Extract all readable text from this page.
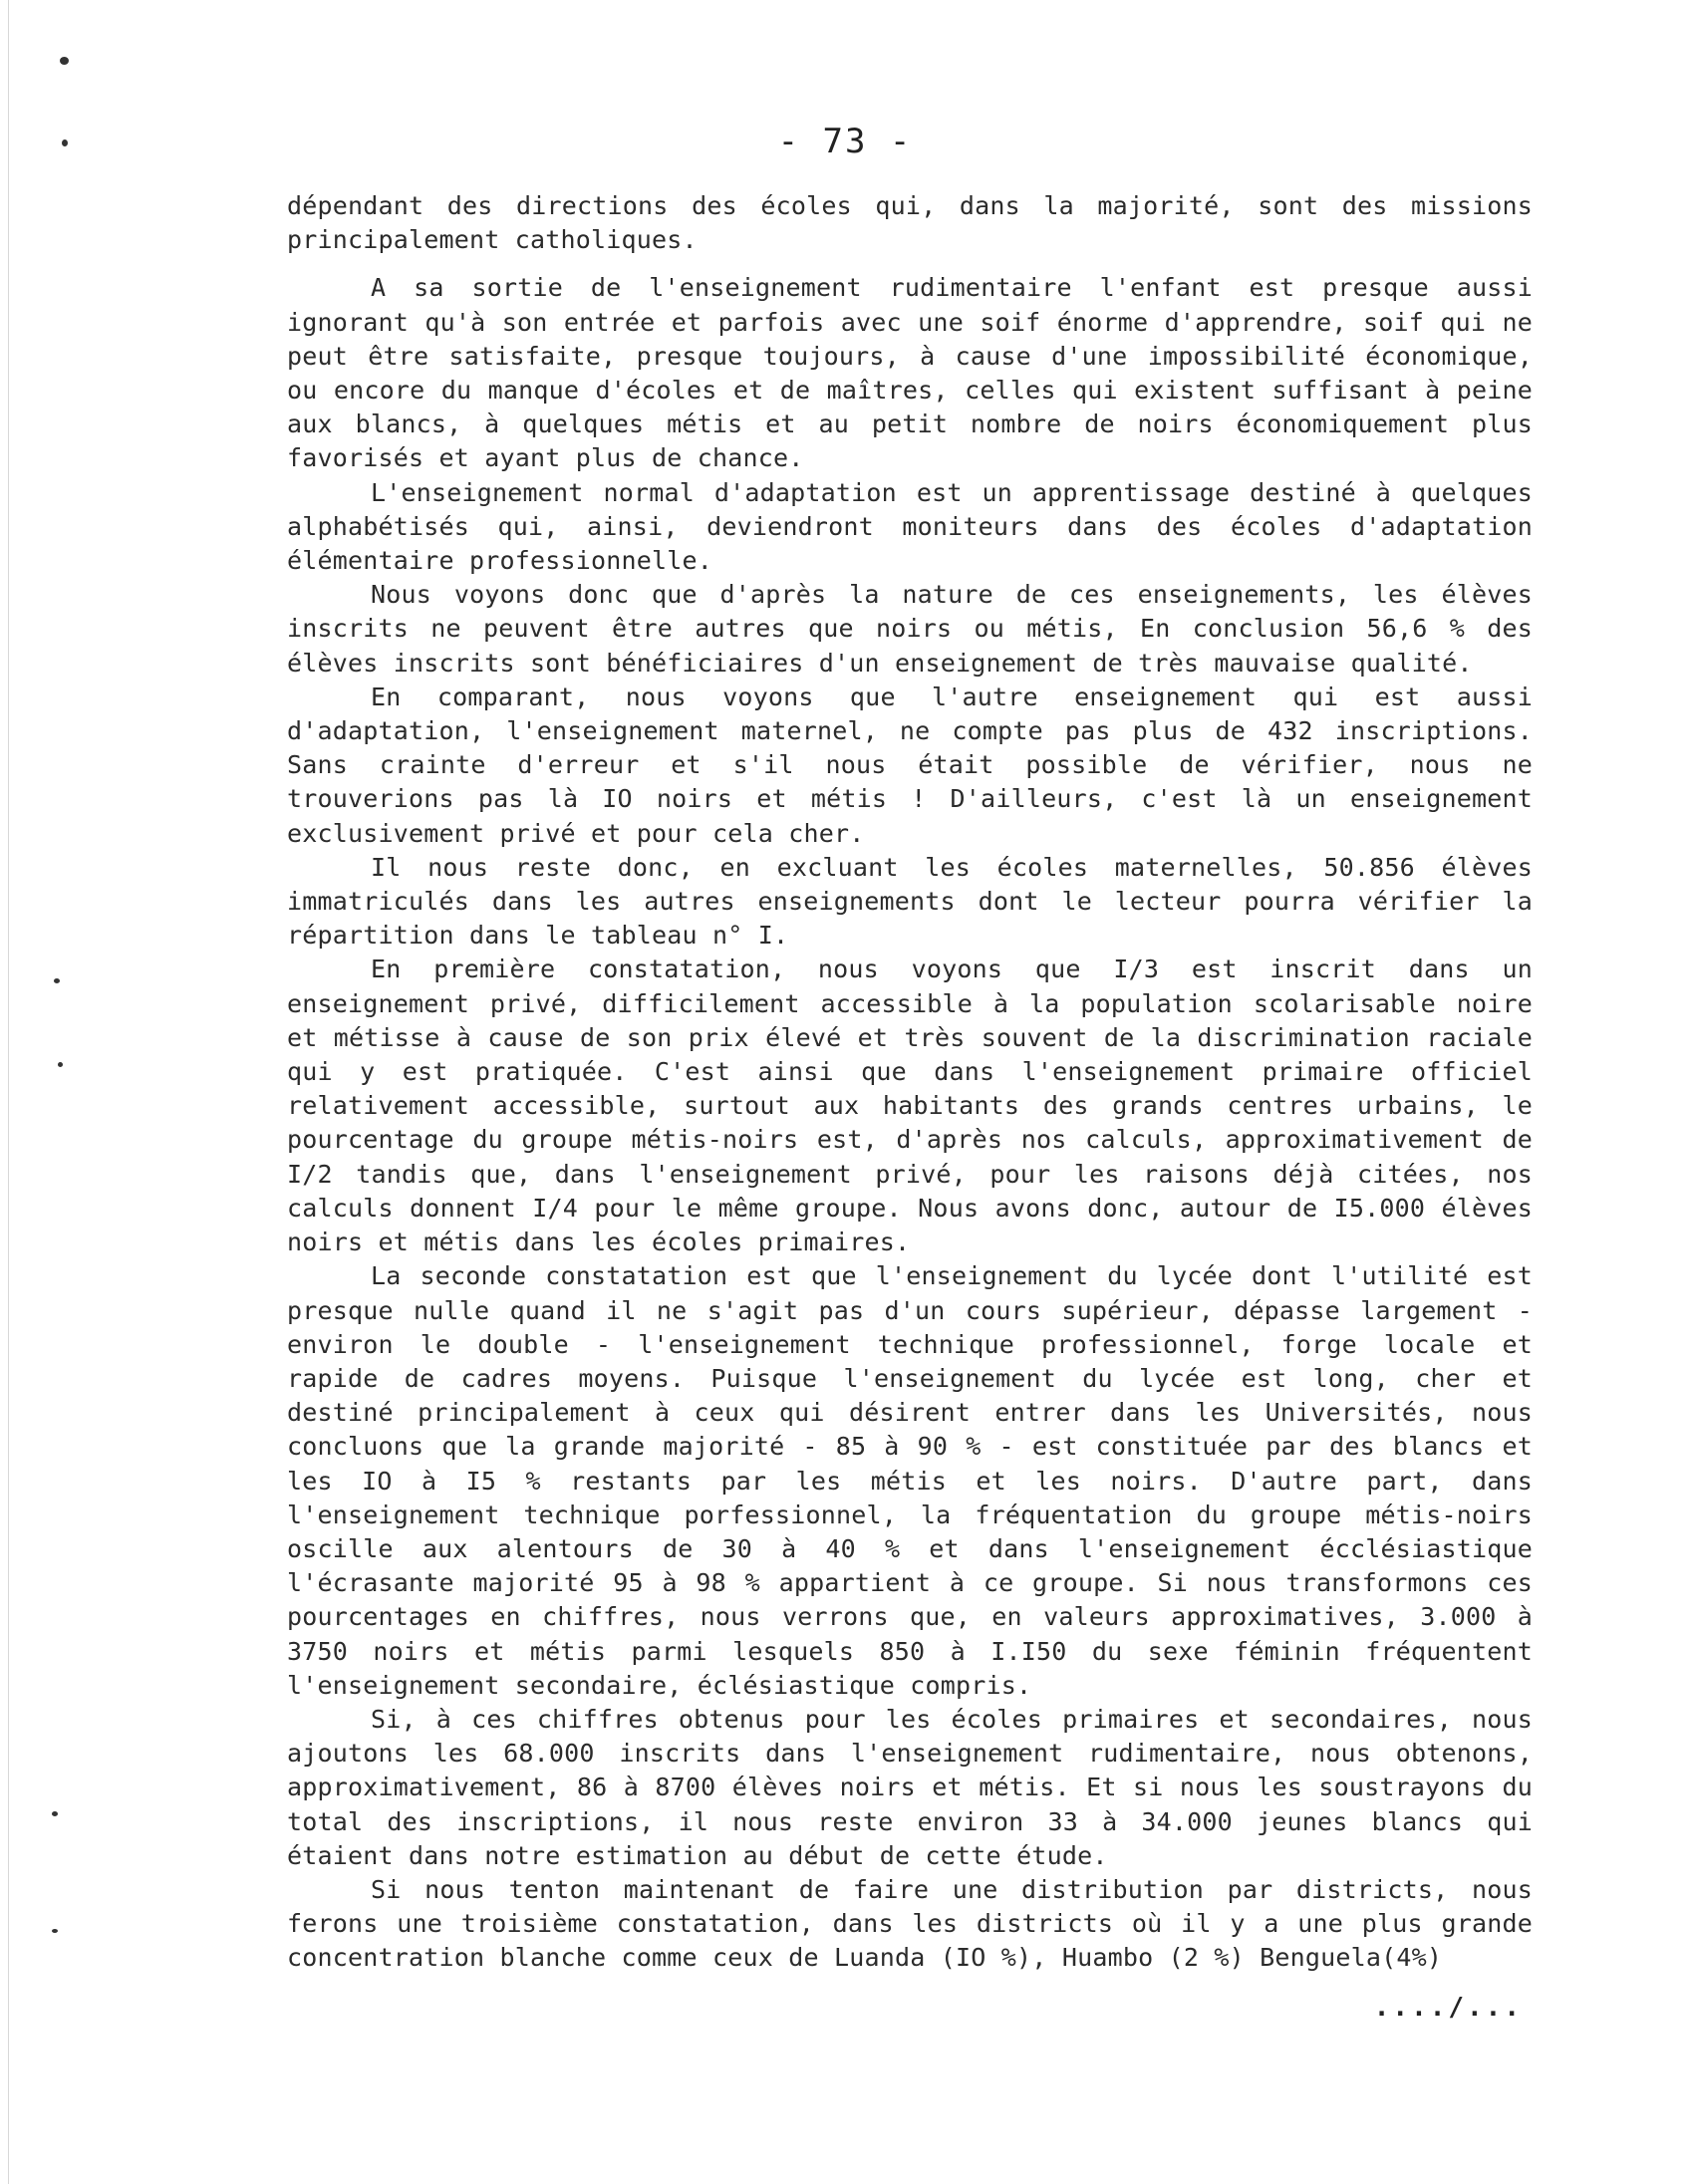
- 73 -

dépendant des directions des écoles qui, dans la majorité, sont des missions principalement catholiques.

A sa sortie de l'enseignement rudimentaire l'enfant est presque aussi ignorant qu'à son entrée et parfois avec une soif énorme d'apprendre, soif qui ne peut être satisfaite, presque toujours, à cause d'une impossibilité économique, ou encore du manque d'écoles et de maîtres, celles qui existent suffisant à peine aux blancs, à quelques métis et au petit nombre de noirs économiquement plus favorisés et ayant plus de chance.

L'enseignement normal d'adaptation est un apprentissage destiné à quelques alphabétisés qui, ainsi, deviendront moniteurs dans des écoles d'adaptation élémentaire professionnelle.

Nous voyons donc que d'après la nature de ces enseignements, les élèves inscrits ne peuvent être autres que noirs ou métis, En conclusion 56,6 % des élèves inscrits sont bénéficiaires d'un enseignement de très mauvaise qualité.

En comparant, nous voyons que l'autre enseignement qui est aussi d'adaptation, l'enseignement maternel, ne compte pas plus de 432 inscriptions. Sans crainte d'erreur et s'il nous était possible de vérifier, nous ne trouverions pas là IO noirs et métis ! D'ailleurs, c'est là un enseignement exclusivement privé et pour cela cher.

Il nous reste donc, en excluant les écoles maternelles, 50.856 élèves immatriculés dans les autres enseignements dont le lecteur pourra vérifier la répartition dans le tableau n° I.

En première constatation, nous voyons que I/3 est inscrit dans un enseignement privé, difficilement accessible à la population scolarisable noire et métisse à cause de son prix élevé et très souvent de la discrimination raciale qui y est pratiquée. C'est ainsi que dans l'enseignement primaire officiel relativement accessible, surtout aux habitants des grands centres urbains, le pourcentage du groupe métis-noirs est, d'après nos calculs, approximativement de I/2 tandis que, dans l'enseignement privé, pour les raisons déjà citées, nos calculs donnent I/4 pour le même groupe. Nous avons donc, autour de I5.000 élèves noirs et métis dans les écoles primaires.

La seconde constatation est que l'enseignement du lycée dont l'utilité est presque nulle quand il ne s'agit pas d'un cours supérieur, dépasse largement - environ le double - l'enseignement technique professionnel, forge locale et rapide de cadres moyens. Puisque l'enseignement du lycée est long, cher et destiné principalement à ceux qui désirent entrer dans les Universités, nous concluons que la grande majorité - 85 à 90 % - est constituée par des blancs et les IO à I5 % restants par les métis et les noirs. D'autre part, dans l'enseignement technique porfessionnel, la fréquentation du groupe métis-noirs oscille aux alentours de 30 à 40 % et dans l'enseignement écclésiastique l'écrasante majorité 95 à 98 % appartient à ce groupe. Si nous transformons ces pourcentages en chiffres, nous verrons que, en valeurs approximatives, 3.000 à 3750 noirs et métis parmi lesquels 850 à I.I50 du sexe féminin fréquentent l'enseignement secondaire, éclésiastique compris.

Si, à ces chiffres obtenus pour les écoles primaires et secondaires, nous ajoutons les 68.000 inscrits dans l'enseignement rudimentaire, nous obtenons, approximativement, 86 à 8700 élèves noirs et métis. Et si nous les soustrayons du total des inscriptions, il nous reste environ 33 à 34.000 jeunes blancs qui étaient dans notre estimation au début de cette étude.

Si nous tenton maintenant de faire une distribution par districts, nous ferons une troisième constatation, dans les districts où il y a une plus grande concentration blanche comme ceux de Luanda (IO %), Huambo (2 %) Benguela(4%)

..../...
